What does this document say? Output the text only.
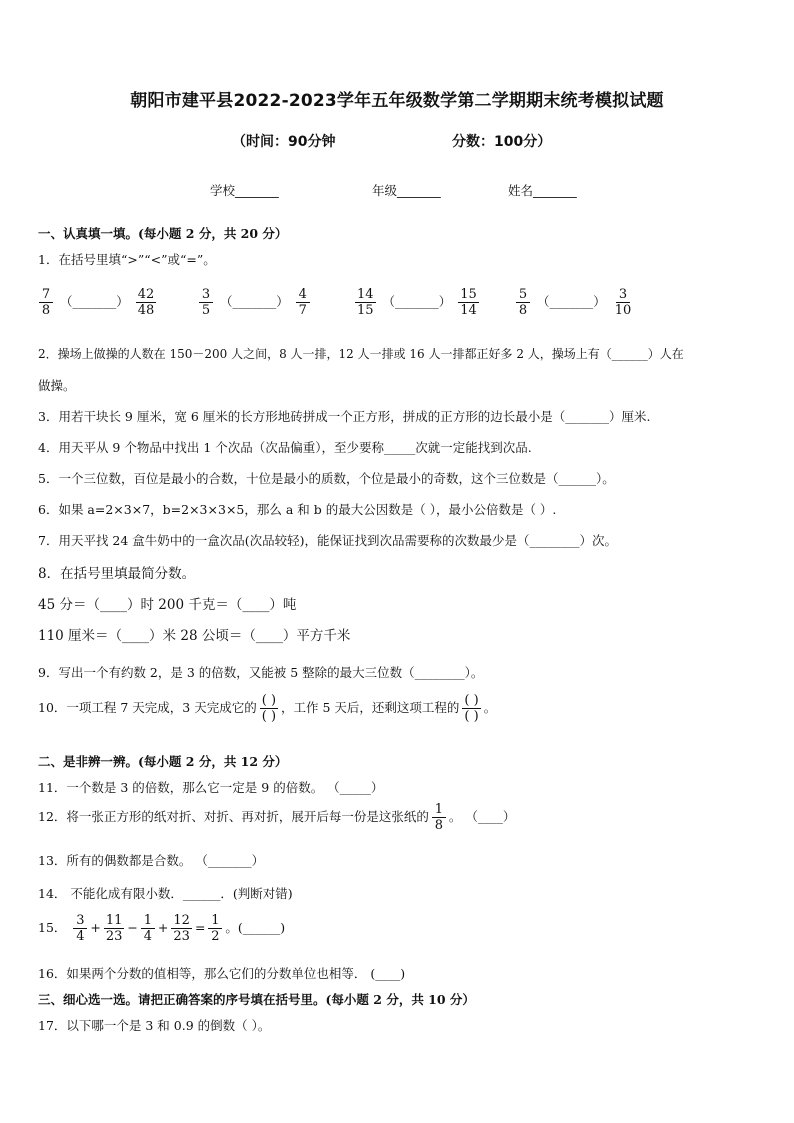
朝阳市建平县2022-2023学年五年级数学第二学期期末统考模拟试题
（时间：90分钟	分数：100分）
学校_______	年级_______	姓名_______
一、认真填一填。(每小题 2 分，共 20 分）
1．在括号里填“>”“<”或“=”。
$\frac{7}{8}$ （_______） $\frac{42}{48}$	$\frac{3}{5}$ （_______） $\frac{4}{7}$	$\frac{14}{15}$ （_______） $\frac{15}{14}$	$\frac{5}{8}$ （_______） $\frac{3}{10}$
2．操场上做操的人数在 150－200 人之间，8 人一排，12 人一排或 16 人一排都正好多 2 人，操场上有（______）人在
做操。
3．用若干块长 9 厘米，宽 6 厘米的长方形地砖拼成一个正方形，拼成的正方形的边长最小是（_______）厘米.
4．用天平从 9 个物品中找出 1 个次品（次品偏重），至少要称_____次就一定能找到次品.
5．一个三位数，百位是最小的合数，十位是最小的质数，个位是最小的奇数，这个三位数是（______）。
6．如果 a=2×3×7，b=2×3×3×5，那么 a 和 b 的最大公因数是（ ），最小公倍数是（ ）.
7．用天平找 24 盒牛奶中的一盒次品(次品较轻)，能保证找到次品需要称的次数最少是（________）次。
8．在括号里填最简分数。
45 分＝（____）时 200 千克＝（____）吨
110 厘米＝（____）米 28 公顷＝（____）平方千米
9．写出一个有约数 2，是 3 的倍数，又能被 5 整除的最大三位数（________）。
10．一项工程 7 天完成，3 天完成它的 $\frac{( )}{( )}$ ，工作 5 天后，还剩这项工程的 $\frac{( )}{( )}$ 。
二、是非辨一辨。(每小题 2 分，共 12 分）
11．一个数是 3 的倍数，那么它一定是 9 的倍数。 （_____）
12．将一张正方形的纸对折、对折、再对折，展开后每一份是这张纸的 $\frac{1}{8}$ 。 （____）
13．所有的偶数都是合数。 （_______）
14． 不能化成有限小数．______．(判断对错)
15． $\frac{3}{4} + \frac{11}{23} - \frac{1}{4} + \frac{12}{23} = \frac{1}{2}$ 。(______)
16．如果两个分数的值相等，那么它们的分数单位也相等． (____)
三、细心选一选。请把正确答案的序号填在括号里。(每小题 2 分，共 10 分）
17．以下哪一个是 3 和 0.9 的倒数（ ）。
